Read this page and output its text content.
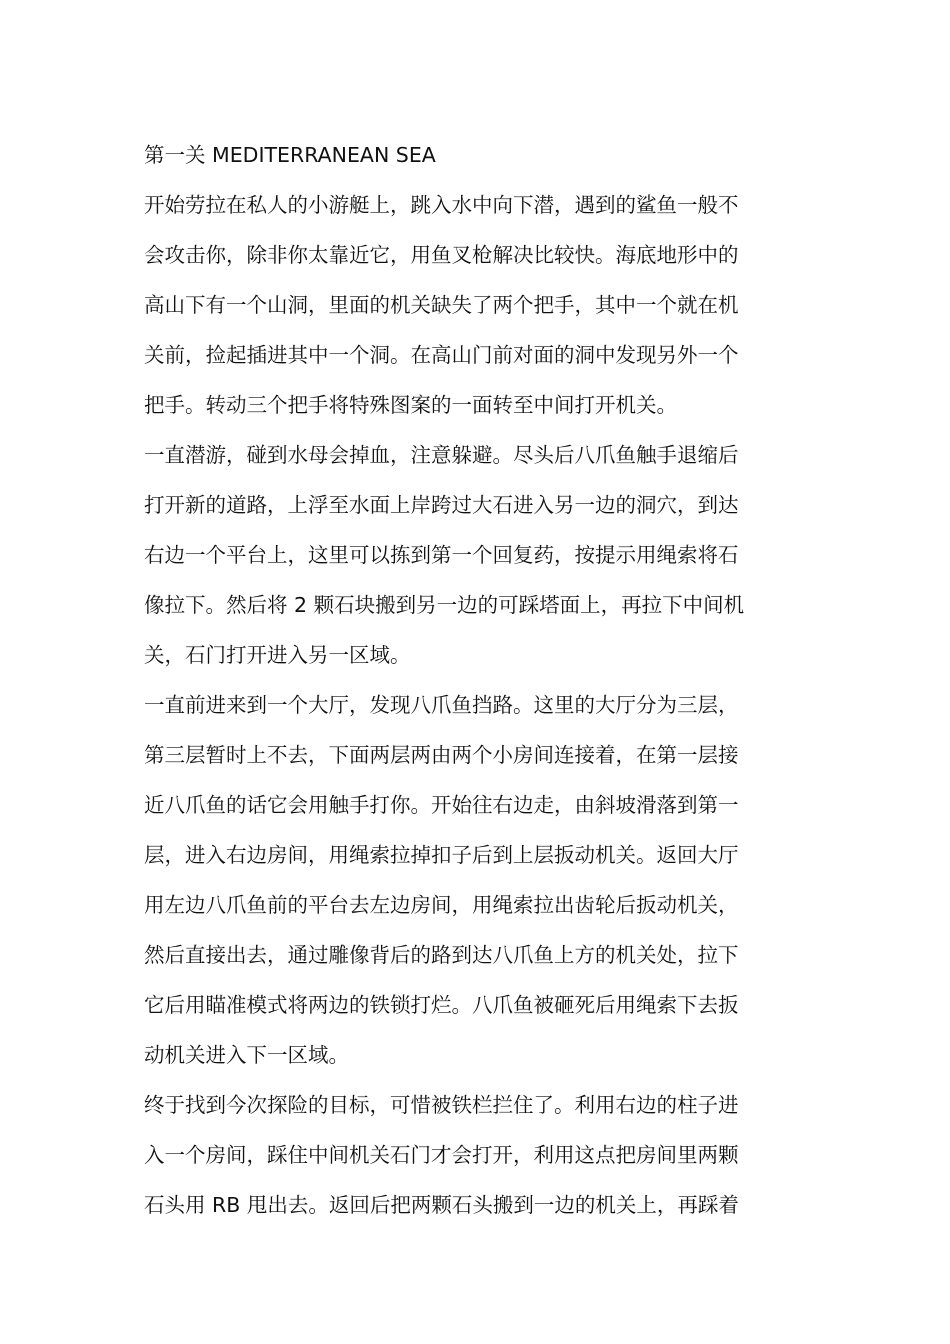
第一关 MEDITERRANEAN SEA
开始劳拉在私人的小游艇上，跳入水中向下潜，遇到的鲨鱼一般不
会攻击你，除非你太靠近它，用鱼叉枪解决比较快。海底地形中的
高山下有一个山洞，里面的机关缺失了两个把手，其中一个就在机
关前，捡起插进其中一个洞。在高山门前对面的洞中发现另外一个
把手。转动三个把手将特殊图案的一面转至中间打开机关。
一直潜游，碰到水母会掉血，注意躲避。尽头后八爪鱼触手退缩后
打开新的道路，上浮至水面上岸跨过大石进入另一边的洞穴，到达
右边一个平台上，这里可以拣到第一个回复药，按提示用绳索将石
像拉下。然后将 2 颗石块搬到另一边的可踩塔面上，再拉下中间机
关，石门打开进入另一区域。
一直前进来到一个大厅，发现八爪鱼挡路。这里的大厅分为三层，
第三层暂时上不去，下面两层两由两个小房间连接着，在第一层接
近八爪鱼的话它会用触手打你。开始往右边走，由斜坡滑落到第一
层，进入右边房间，用绳索拉掉扣子后到上层扳动机关。返回大厅
用左边八爪鱼前的平台去左边房间，用绳索拉出齿轮后扳动机关，
然后直接出去，通过雕像背后的路到达八爪鱼上方的机关处，拉下
它后用瞄准模式将两边的铁锁打烂。八爪鱼被砸死后用绳索下去扳
动机关进入下一区域。
终于找到今次探险的目标，可惜被铁栏拦住了。利用右边的柱子进
入一个房间，踩住中间机关石门才会打开，利用这点把房间里两颗
石头用 RB 甩出去。返回后把两颗石头搬到一边的机关上，再踩着
